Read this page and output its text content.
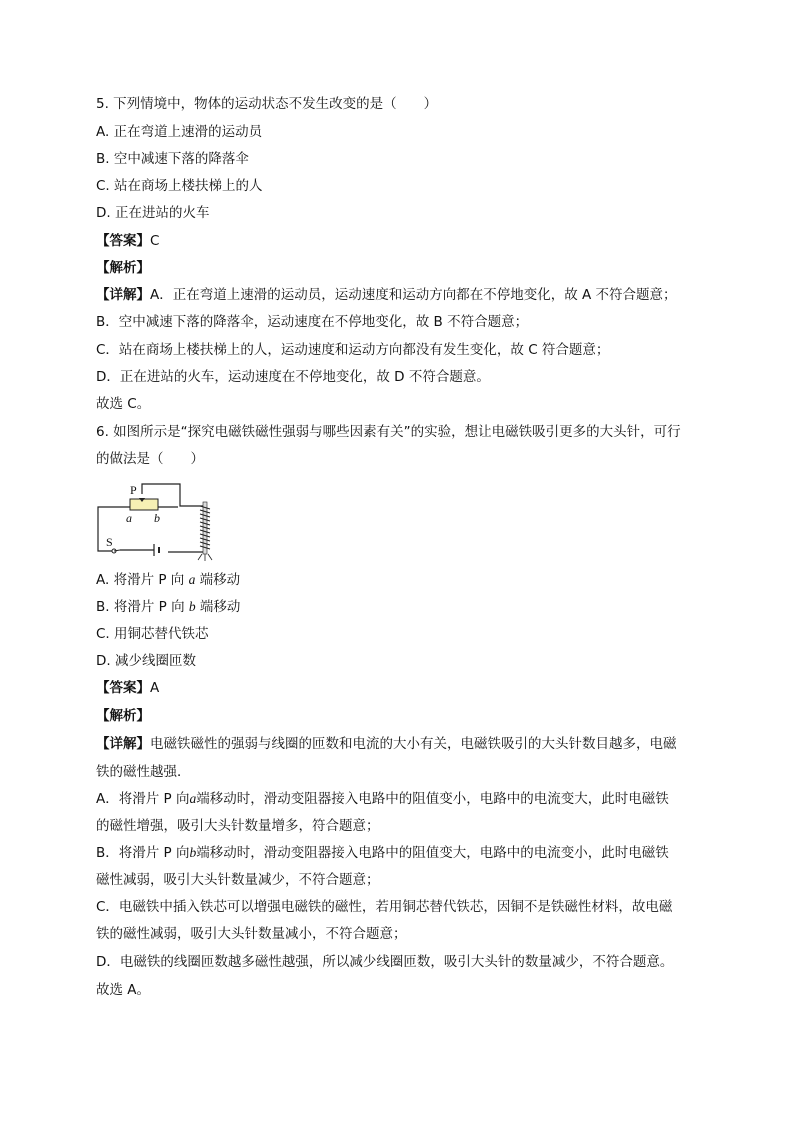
5. 下列情境中，物体的运动状态不发生改变的是（　　）
A. 正在弯道上速滑的运动员
B. 空中减速下落的降落伞
C. 站在商场上楼扶梯上的人
D. 正在进站的火车
【答案】C
【解析】
【详解】A．正在弯道上速滑的运动员，运动速度和运动方向都在不停地变化，故 A 不符合题意；
B．空中减速下落的降落伞，运动速度在不停地变化，故 B 不符合题意；
C．站在商场上楼扶梯上的人，运动速度和运动方向都没有发生变化，故 C 符合题意；
D．正在进站的火车，运动速度在不停地变化，故 D 不符合题意。
故选 C。
6. 如图所示是“探究电磁铁磁性强弱与哪些因素有关”的实验，想让电磁铁吸引更多的大头针，可行
的做法是（　　）
P
a b
S
A. 将滑片 P 向 a 端移动
B. 将滑片 P 向 b 端移动
C. 用铜芯替代铁芯
D. 减少线圈匝数
【答案】A
【解析】
【详解】电磁铁磁性的强弱与线圈的匝数和电流的大小有关，电磁铁吸引的大头针数目越多，电磁
铁的磁性越强．
A．将滑片 P 向a端移动时，滑动变阻器接入电路中的阻值变小，电路中的电流变大，此时电磁铁
的磁性增强，吸引大头针数量增多，符合题意；
B．将滑片 P 向b端移动时，滑动变阻器接入电路中的阻值变大，电路中的电流变小，此时电磁铁
磁性减弱，吸引大头针数量减少，不符合题意；
C．电磁铁中插入铁芯可以增强电磁铁的磁性，若用铜芯替代铁芯，因铜不是铁磁性材料，故电磁
铁的磁性减弱，吸引大头针数量减小，不符合题意；
D．电磁铁的线圈匝数越多磁性越强，所以减少线圈匝数，吸引大头针的数量减少，不符合题意。
故选 A。
